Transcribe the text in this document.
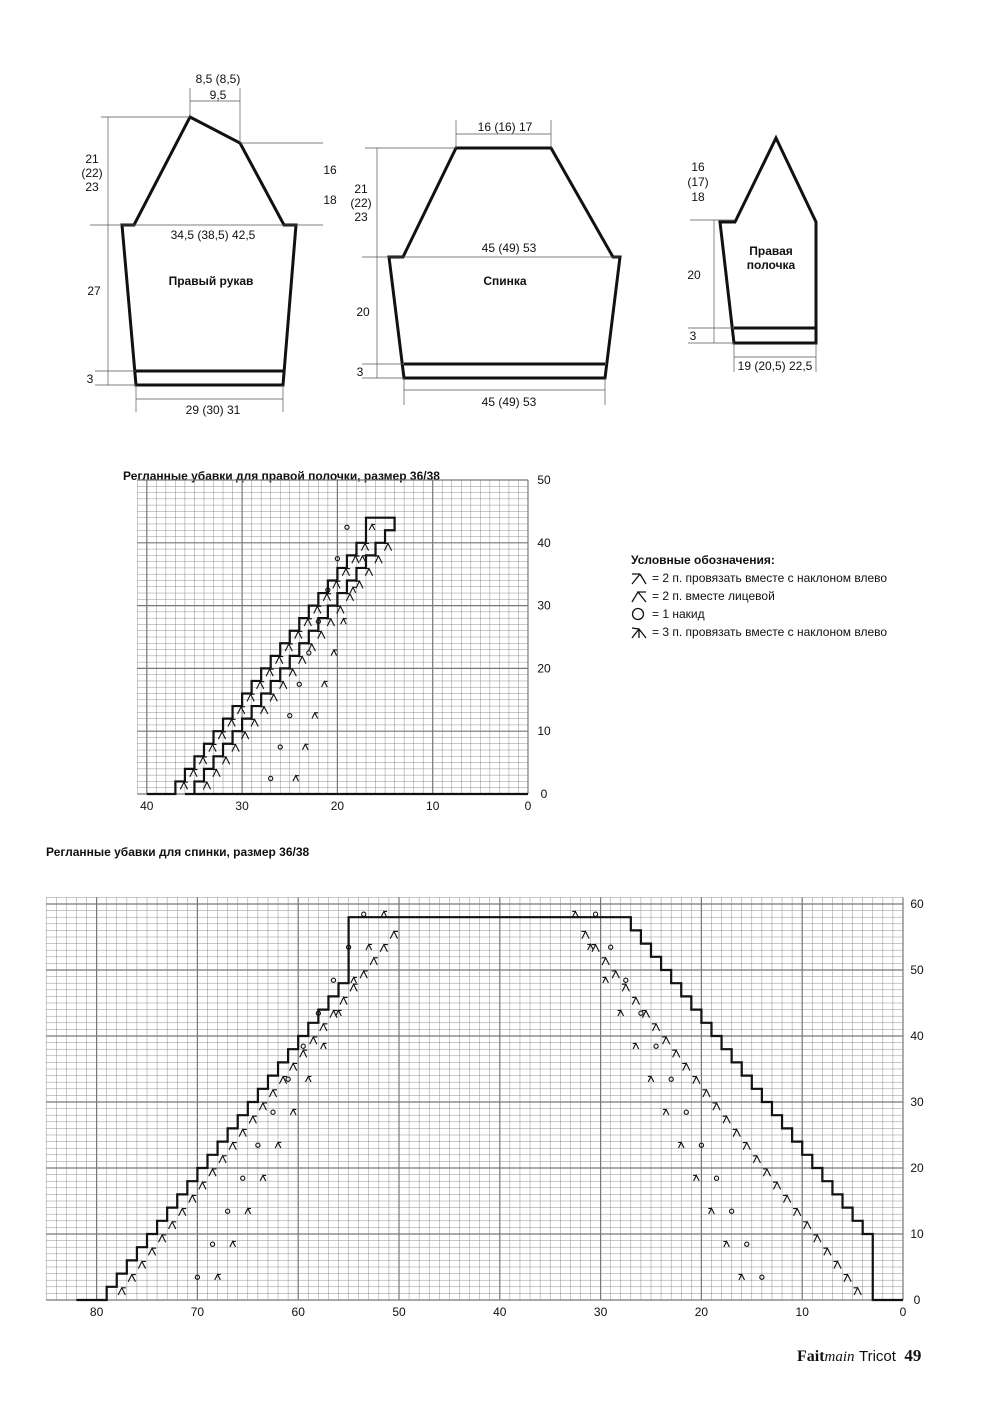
8,5 (8,5)
9,5
21
(22)
23
16
18
34,5 (38,5) 42,5
Правый рукав
27
3
29 (30) 31
16 (16) 17
21
(22)
23
45 (49) 53
Спинка
20
3
45 (49) 53
16
(17)
18
Правая
полочка
20
3
19 (20,5) 22,5
Условные обозначения:
= 2 п. провязать вместе с наклоном влево
= 2 п. вместе лицевой
= 1 накид
= 3 п. провязать вместе с наклоном влево
Регланные убавки для правой полочки, размер 36/38
40	30	20	10	0
0
10
20
30
40
50
Регланные убавки для спинки, размер 36/38
80	70	60	50	40	30	20	10	0
0
10
20
30
40
50
60
Faitmain Tricot 49
